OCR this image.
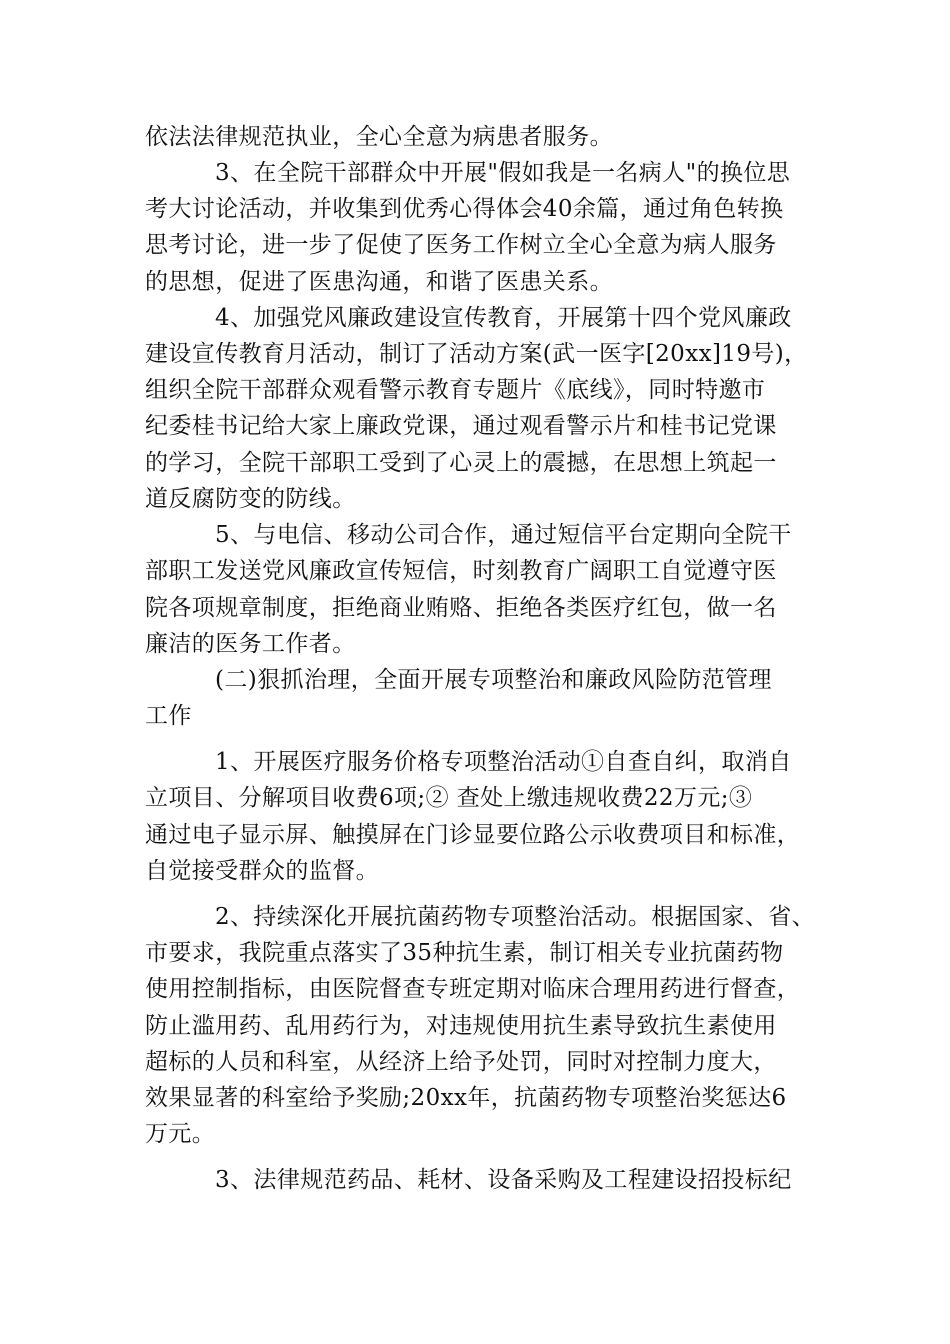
依法法律规范执业，全心全意为病患者服务。
3、在全院干部群众中开展"假如我是一名病人"的换位思
考大讨论活动，并收集到优秀心得体会40余篇，通过角色转换
思考讨论，进一步了促使了医务工作树立全心全意为病人服务
的思想，促进了医患沟通，和谐了医患关系。
4、加强党风廉政建设宣传教育，开展第十四个党风廉政
建设宣传教育月活动，制订了活动方案(武一医字[20xx]19号)，
组织全院干部群众观看警示教育专题片《底线》，同时特邀市
纪委桂书记给大家上廉政党课，通过观看警示片和桂书记党课
的学习，全院干部职工受到了心灵上的震撼，在思想上筑起一
道反腐防变的防线。
5、与电信、移动公司合作，通过短信平台定期向全院干
部职工发送党风廉政宣传短信，时刻教育广阔职工自觉遵守医
院各项规章制度，拒绝商业贿赂、拒绝各类医疗红包，做一名
廉洁的医务工作者。
(二)狠抓治理，全面开展专项整治和廉政风险防范管理
工作
1、开展医疗服务价格专项整治活动①自查自纠，取消自
立项目、分解项目收费6项;② 查处上缴违规收费22万元;③
通过电子显示屏、触摸屏在门诊显要位路公示收费项目和标准，
自觉接受群众的监督。
2、持续深化开展抗菌药物专项整治活动。根据国家、省、
市要求，我院重点落实了35种抗生素，制订相关专业抗菌药物
使用控制指标，由医院督查专班定期对临床合理用药进行督查，
防止滥用药、乱用药行为，对违规使用抗生素导致抗生素使用
超标的人员和科室，从经济上给予处罚，同时对控制力度大，
效果显著的科室给予奖励;20xx年，抗菌药物专项整治奖惩达6
万元。
3、法律规范药品、耗材、设备采购及工程建设招投标纪
